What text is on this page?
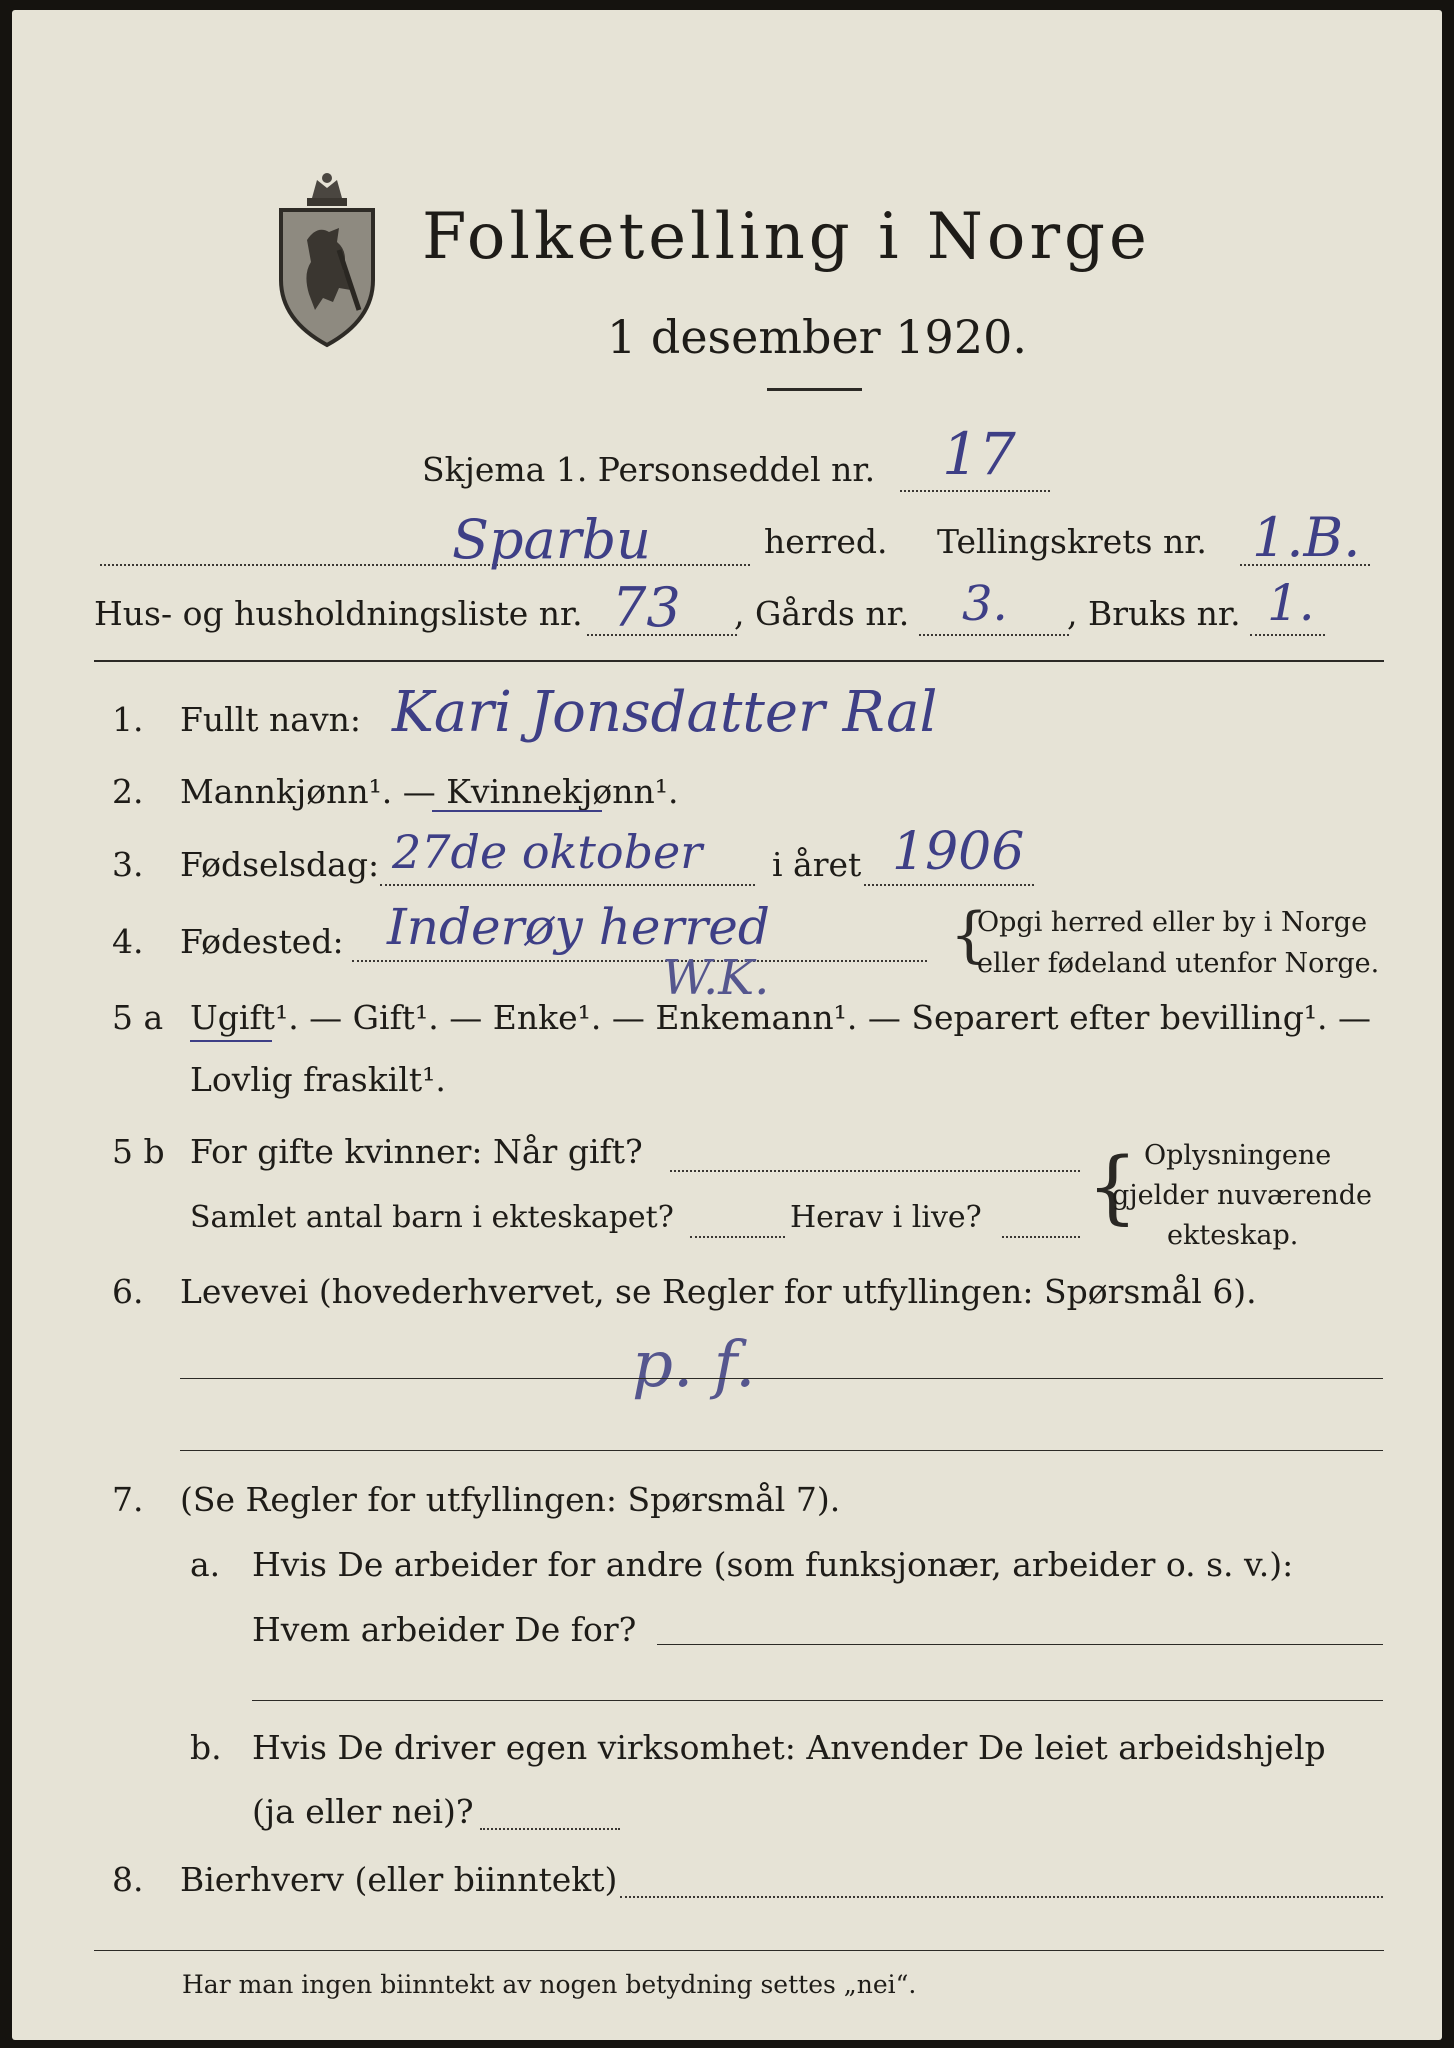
Folketelling i Norge
1 desember 1920.
Skjema 1. Personseddel nr. 17
Sparbu	herred. Tellingskrets nr. 1.B.
Hus- og husholdningsliste nr. 73 , Gårds nr. 3. , Bruks nr. 1.
1. Fullt navn: Kari Jonsdatter Ral
2. Mannkjønn¹. — Kvinnekjønn¹.
3. Fødselsdag: 27de oktober i året 1906
4. Fødested: Inderøy herred	{
Opgi herred eller by i Norge
eller fødeland utenfor Norge.
5 a Ugift¹. — Gift¹. — Enke¹. — Enkemann¹. — Separert efter bevilling¹. —
W.K.
Lovlig fraskilt¹.
5 b For gifte kvinner: Når gift?
Samlet antal barn i ekteskapet?	Herav i live? { Oplysningene
gjelder nuværende
ekteskap.
6. Levevei (hovederhvervet, se Regler for utfyllingen: Spørsmål 6).
p. f.
7. (Se Regler for utfyllingen: Spørsmål 7).
a. Hvis De arbeider for andre (som funksjonær, arbeider o. s. v.):
Hvem arbeider De for?
b. Hvis De driver egen virksomhet: Anvender De leiet arbeidshjelp
(ja eller nei)?
8. Bierhverv (eller biinntekt)
Har man ingen biinntekt av nogen betydning settes „nei“.
